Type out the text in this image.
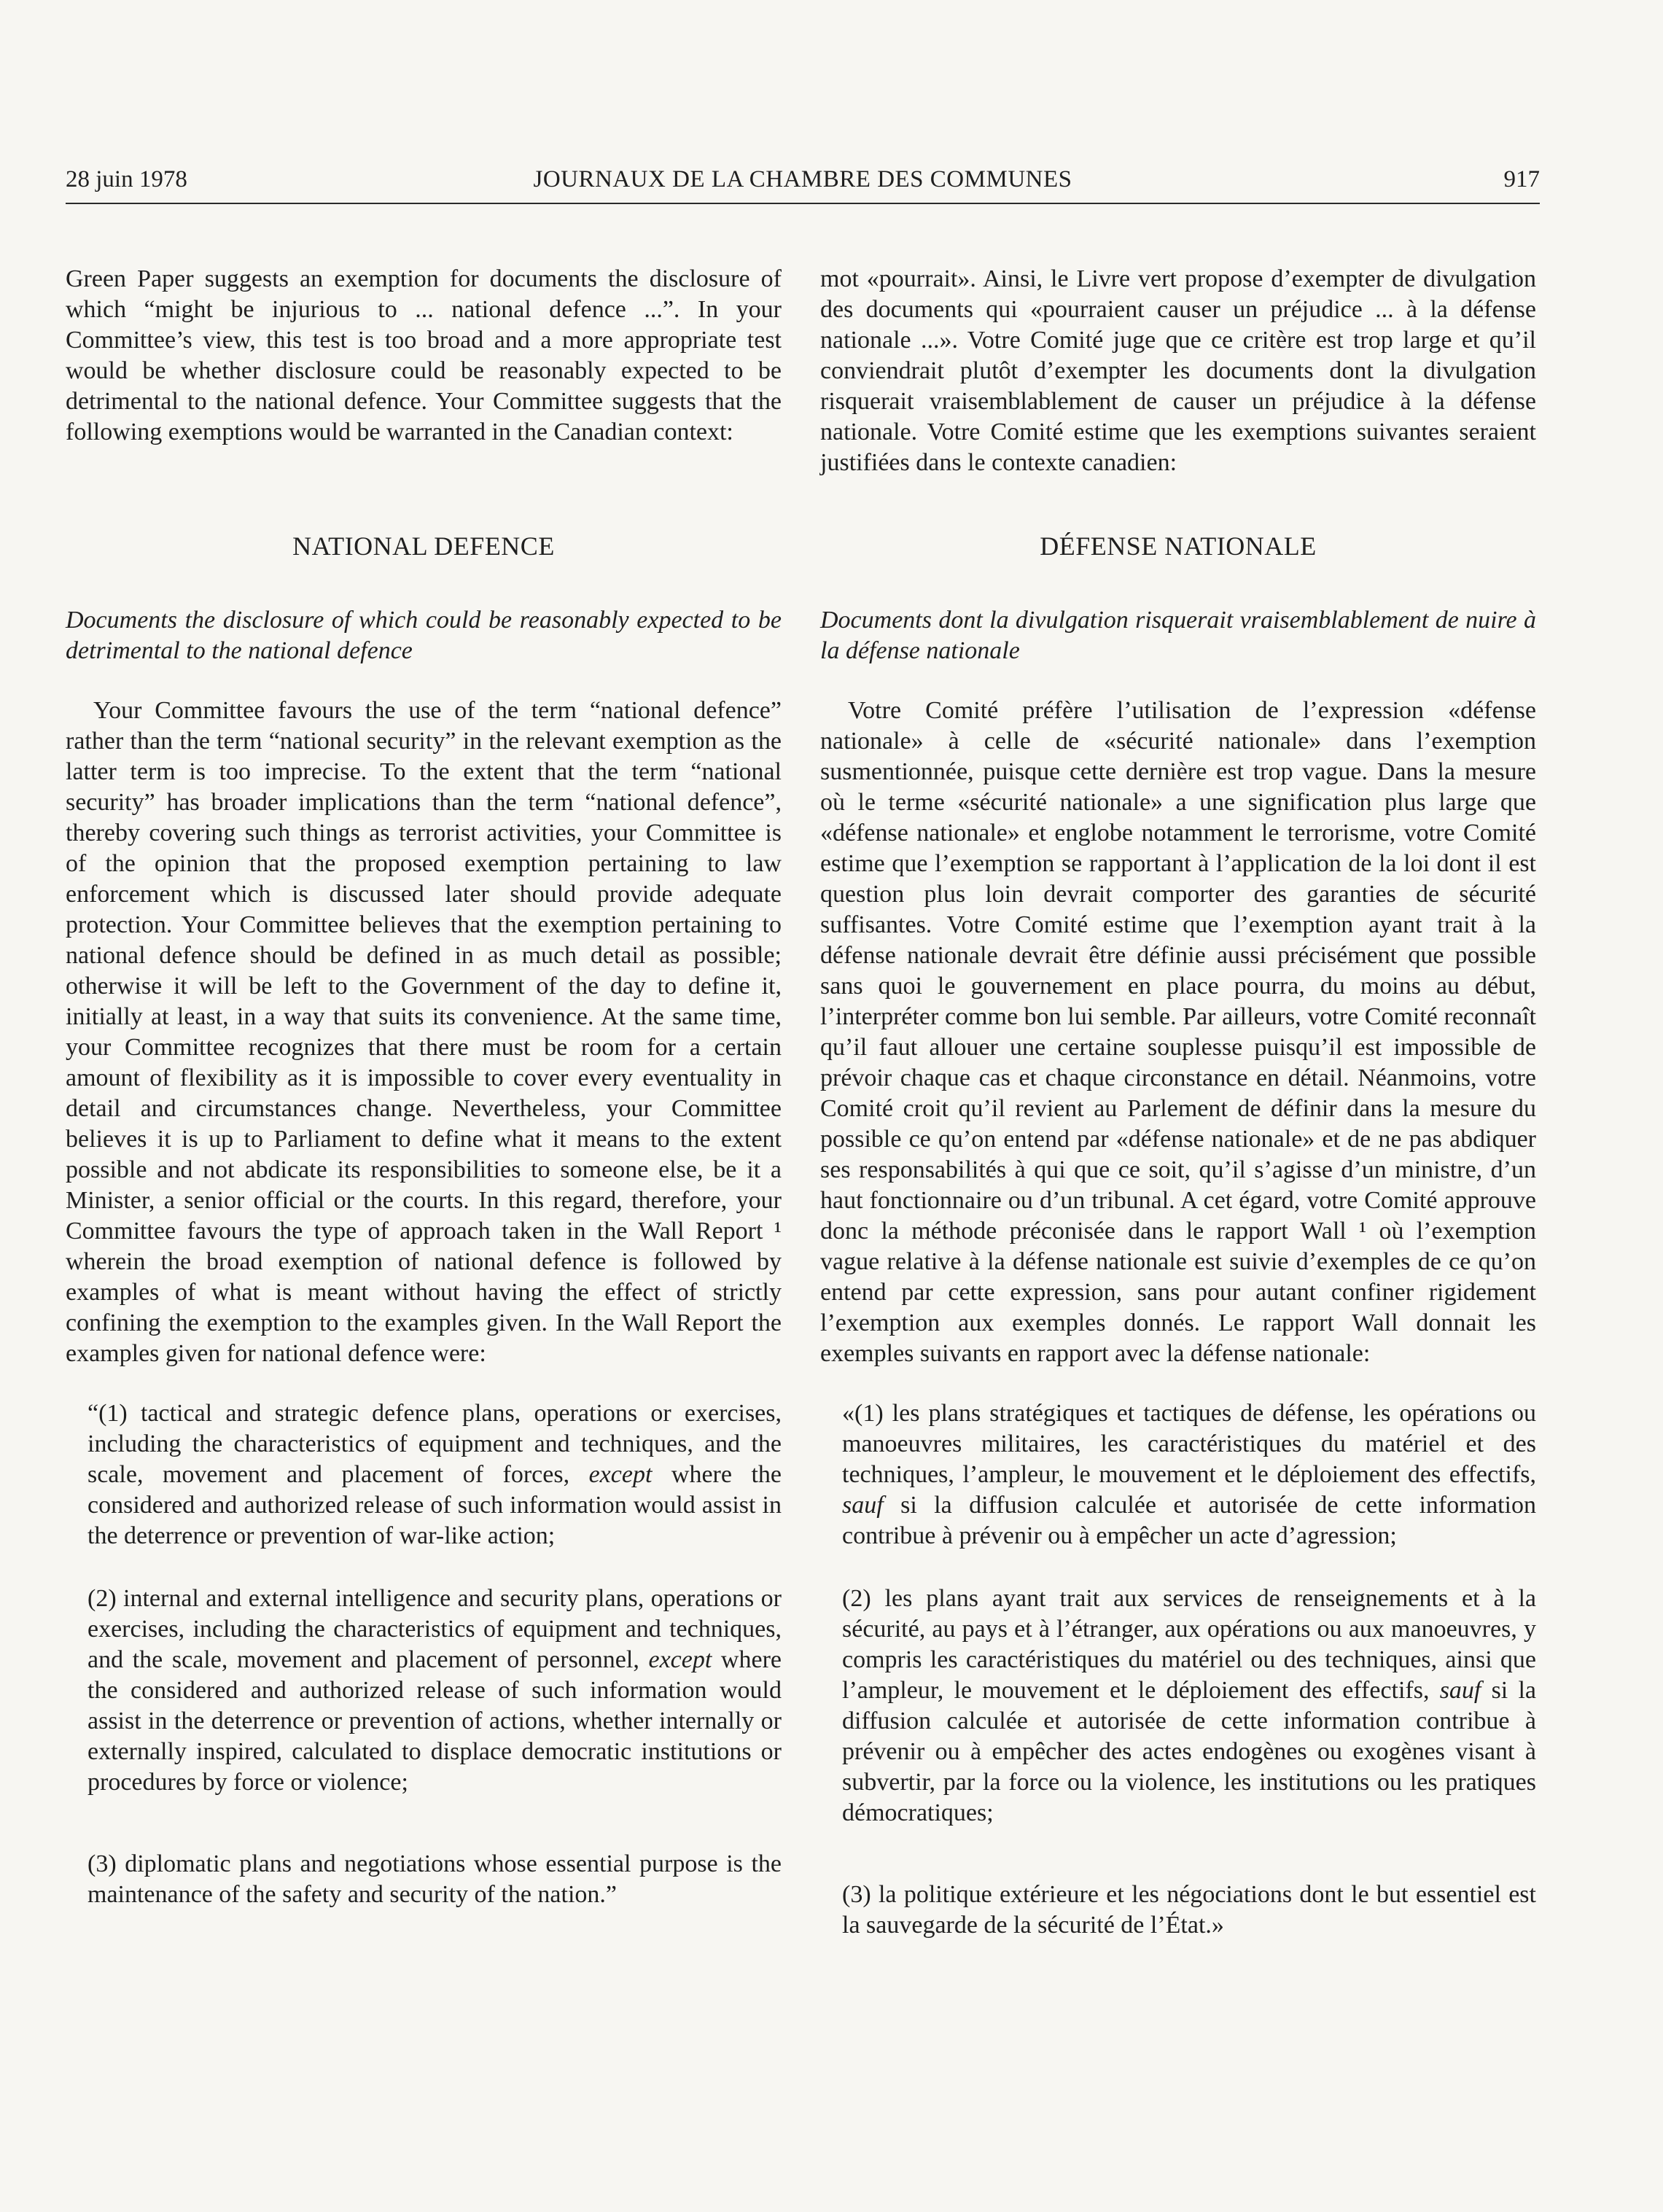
28 juin 1978	JOURNAUX DE LA CHAMBRE DES COMMUNES	917

Green Paper suggests an exemption for documents the disclosure of which “might be injurious to ... national defence ...”. In your Committee’s view, this test is too broad and a more appropriate test would be whether disclosure could be reasonably expected to be detrimental to the national defence. Your Committee suggests that the following exemptions would be warranted in the Canadian context:

NATIONAL DEFENCE

Documents the disclosure of which could be reasonably expected to be detrimental to the national defence

Your Committee favours the use of the term “national defence” rather than the term “national security” in the relevant exemption as the latter term is too imprecise. To the extent that the term “national security” has broader implications than the term “national defence”, thereby covering such things as terrorist activities, your Committee is of the opinion that the proposed exemption pertaining to law enforcement which is discussed later should provide adequate protection. Your Committee believes that the exemption pertaining to national defence should be defined in as much detail as possible; otherwise it will be left to the Government of the day to define it, initially at least, in a way that suits its convenience. At the same time, your Committee recognizes that there must be room for a certain amount of flexibility as it is impossible to cover every eventuality in detail and circumstances change. Nevertheless, your Committee believes it is up to Parliament to define what it means to the extent possible and not abdicate its responsibilities to someone else, be it a Minister, a senior official or the courts. In this regard, therefore, your Committee favours the type of approach taken in the Wall Report ¹ wherein the broad exemption of national defence is followed by examples of what is meant without having the effect of strictly confining the exemption to the examples given. In the Wall Report the examples given for national defence were:

“(1) tactical and strategic defence plans, operations or exercises, including the characteristics of equipment and techniques, and the scale, movement and placement of forces, except where the considered and authorized release of such information would assist in the deterrence or prevention of war-like action;

(2) internal and external intelligence and security plans, operations or exercises, including the characteristics of equipment and techniques, and the scale, movement and placement of personnel, except where the considered and authorized release of such information would assist in the deterrence or prevention of actions, whether internally or externally inspired, calculated to displace democratic institutions or procedures by force or violence;

(3) diplomatic plans and negotiations whose essential purpose is the maintenance of the safety and security of the nation.”

mot «pourrait». Ainsi, le Livre vert propose d’exempter de divulgation des documents qui «pourraient causer un préjudice ... à la défense nationale ...». Votre Comité juge que ce critère est trop large et qu’il conviendrait plutôt d’exempter les documents dont la divulgation risquerait vraisemblablement de causer un préjudice à la défense nationale. Votre Comité estime que les exemptions suivantes seraient justifiées dans le contexte canadien:

DÉFENSE NATIONALE

Documents dont la divulgation risquerait vraisemblablement de nuire à la défense nationale

Votre Comité préfère l’utilisation de l’expression «défense nationale» à celle de «sécurité nationale» dans l’exemption susmentionnée, puisque cette dernière est trop vague. Dans la mesure où le terme «sécurité nationale» a une signification plus large que «défense nationale» et englobe notamment le terrorisme, votre Comité estime que l’exemption se rapportant à l’application de la loi dont il est question plus loin devrait comporter des garanties de sécurité suffisantes. Votre Comité estime que l’exemption ayant trait à la défense nationale devrait être définie aussi précisément que possible sans quoi le gouvernement en place pourra, du moins au début, l’interpréter comme bon lui semble. Par ailleurs, votre Comité reconnaît qu’il faut allouer une certaine souplesse puisqu’il est impossible de prévoir chaque cas et chaque circonstance en détail. Néanmoins, votre Comité croit qu’il revient au Parlement de définir dans la mesure du possible ce qu’on entend par «défense nationale» et de ne pas abdiquer ses responsabilités à qui que ce soit, qu’il s’agisse d’un ministre, d’un haut fonctionnaire ou d’un tribunal. A cet égard, votre Comité approuve donc la méthode préconisée dans le rapport Wall ¹ où l’exemption vague relative à la défense nationale est suivie d’exemples de ce qu’on entend par cette expression, sans pour autant confiner rigidement l’exemption aux exemples donnés. Le rapport Wall donnait les exemples suivants en rapport avec la défense nationale:

«(1) les plans stratégiques et tactiques de défense, les opérations ou manoeuvres militaires, les caractéristiques du matériel et des techniques, l’ampleur, le mouvement et le déploiement des effectifs, sauf si la diffusion calculée et autorisée de cette information contribue à prévenir ou à empêcher un acte d’agression;

(2) les plans ayant trait aux services de renseignements et à la sécurité, au pays et à l’étranger, aux opérations ou aux manoeuvres, y compris les caractéristiques du matériel ou des techniques, ainsi que l’ampleur, le mouvement et le déploiement des effectifs, sauf si la diffusion calculée et autorisée de cette information contribue à prévenir ou à empêcher des actes endogènes ou exogènes visant à subvertir, par la force ou la violence, les institutions ou les pratiques démocratiques;

(3) la politique extérieure et les négociations dont le but essentiel est la sauvegarde de la sécurité de l’État.»
